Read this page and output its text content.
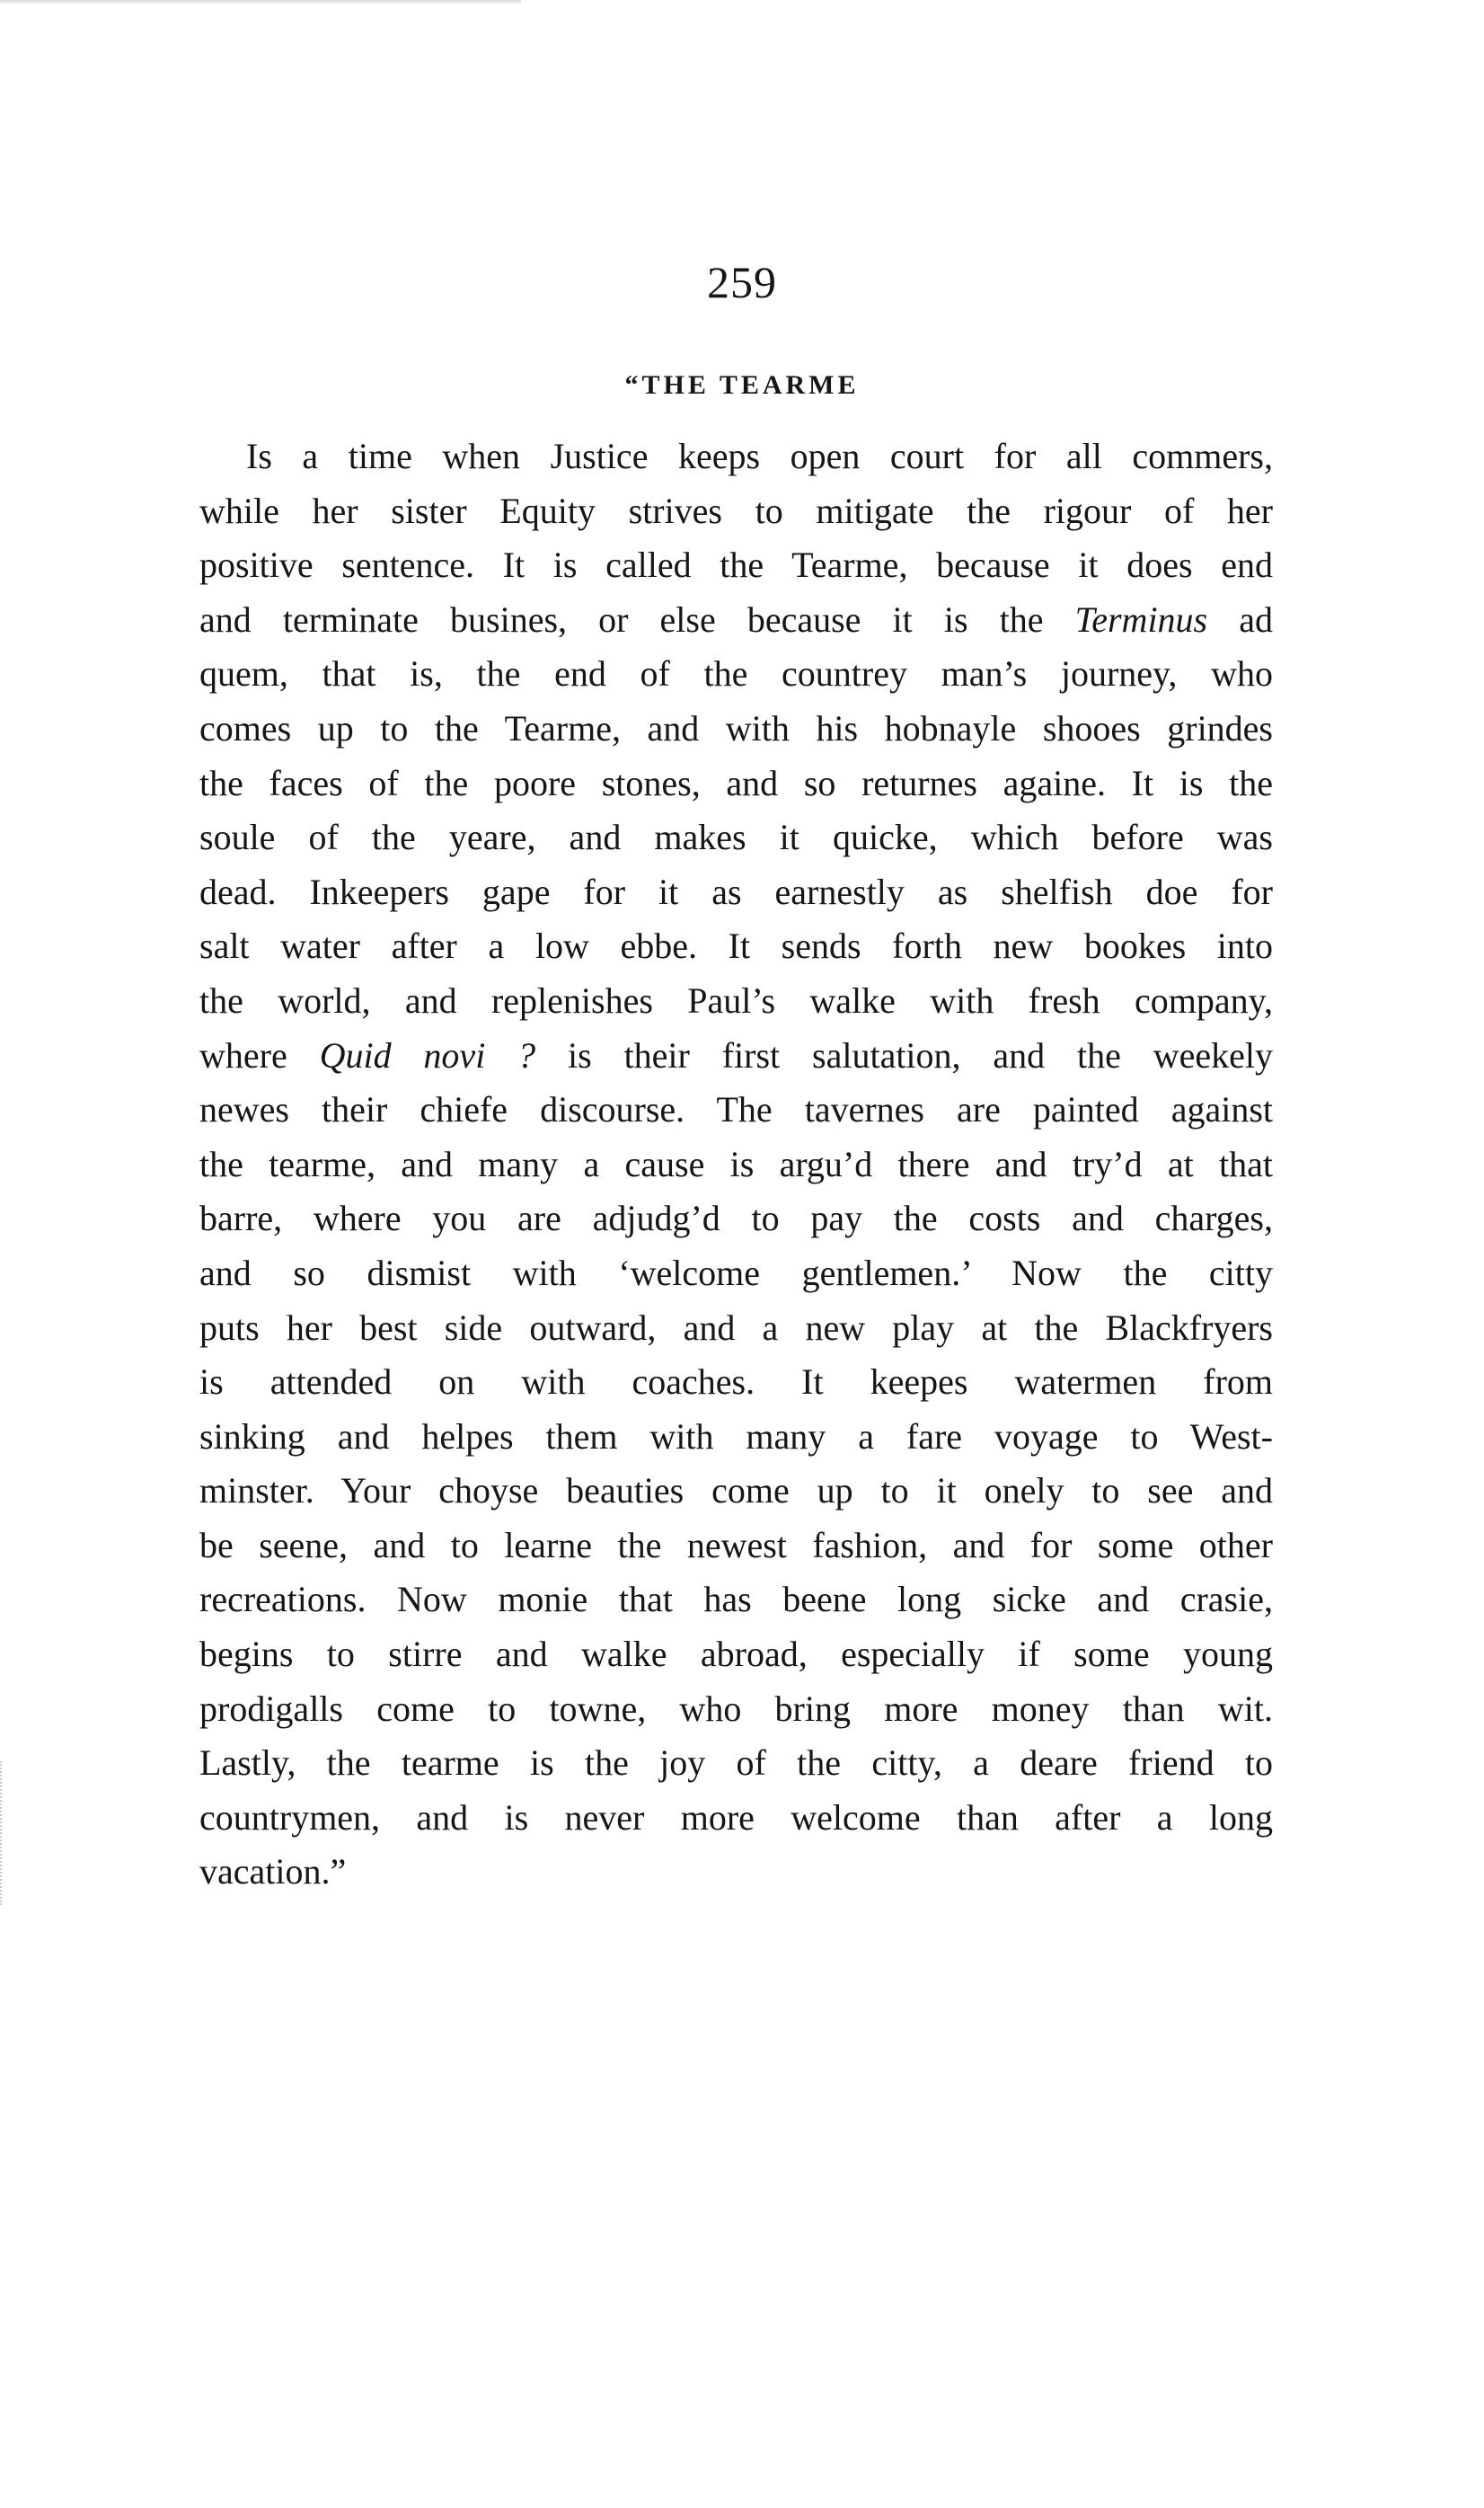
259
“THE TEARME
Is a time when Justice keeps open court for all commers,
while her sister Equity strives to mitigate the rigour of her
positive sentence. It is called the Tearme, because it does end
and terminate busines, or else because it is the Terminus ad
quem, that is, the end of the countrey man’s journey, who
comes up to the Tearme, and with his hobnayle shooes grindes
the faces of the poore stones, and so returnes againe. It is the
soule of the yeare, and makes it quicke, which before was
dead. Inkeepers gape for it as earnestly as shelfish doe for
salt water after a low ebbe. It sends forth new bookes into
the world, and replenishes Paul’s walke with fresh company,
where Quid novi ? is their first salutation, and the weekely
newes their chiefe discourse. The tavernes are painted against
the tearme, and many a cause is argu’d there and try’d at that
barre, where you are adjudg’d to pay the costs and charges,
and so dismist with ‘welcome gentlemen.’ Now the citty
puts her best side outward, and a new play at the Blackfryers
is attended on with coaches. It keepes watermen from
sinking and helpes them with many a fare voyage to West-
minster. Your choyse beauties come up to it onely to see and
be seene, and to learne the newest fashion, and for some other
recreations. Now monie that has beene long sicke and crasie,
begins to stirre and walke abroad, especially if some young
prodigalls come to towne, who bring more money than wit.
Lastly, the tearme is the joy of the citty, a deare friend to
countrymen, and is never more welcome than after a long
vacation.”
